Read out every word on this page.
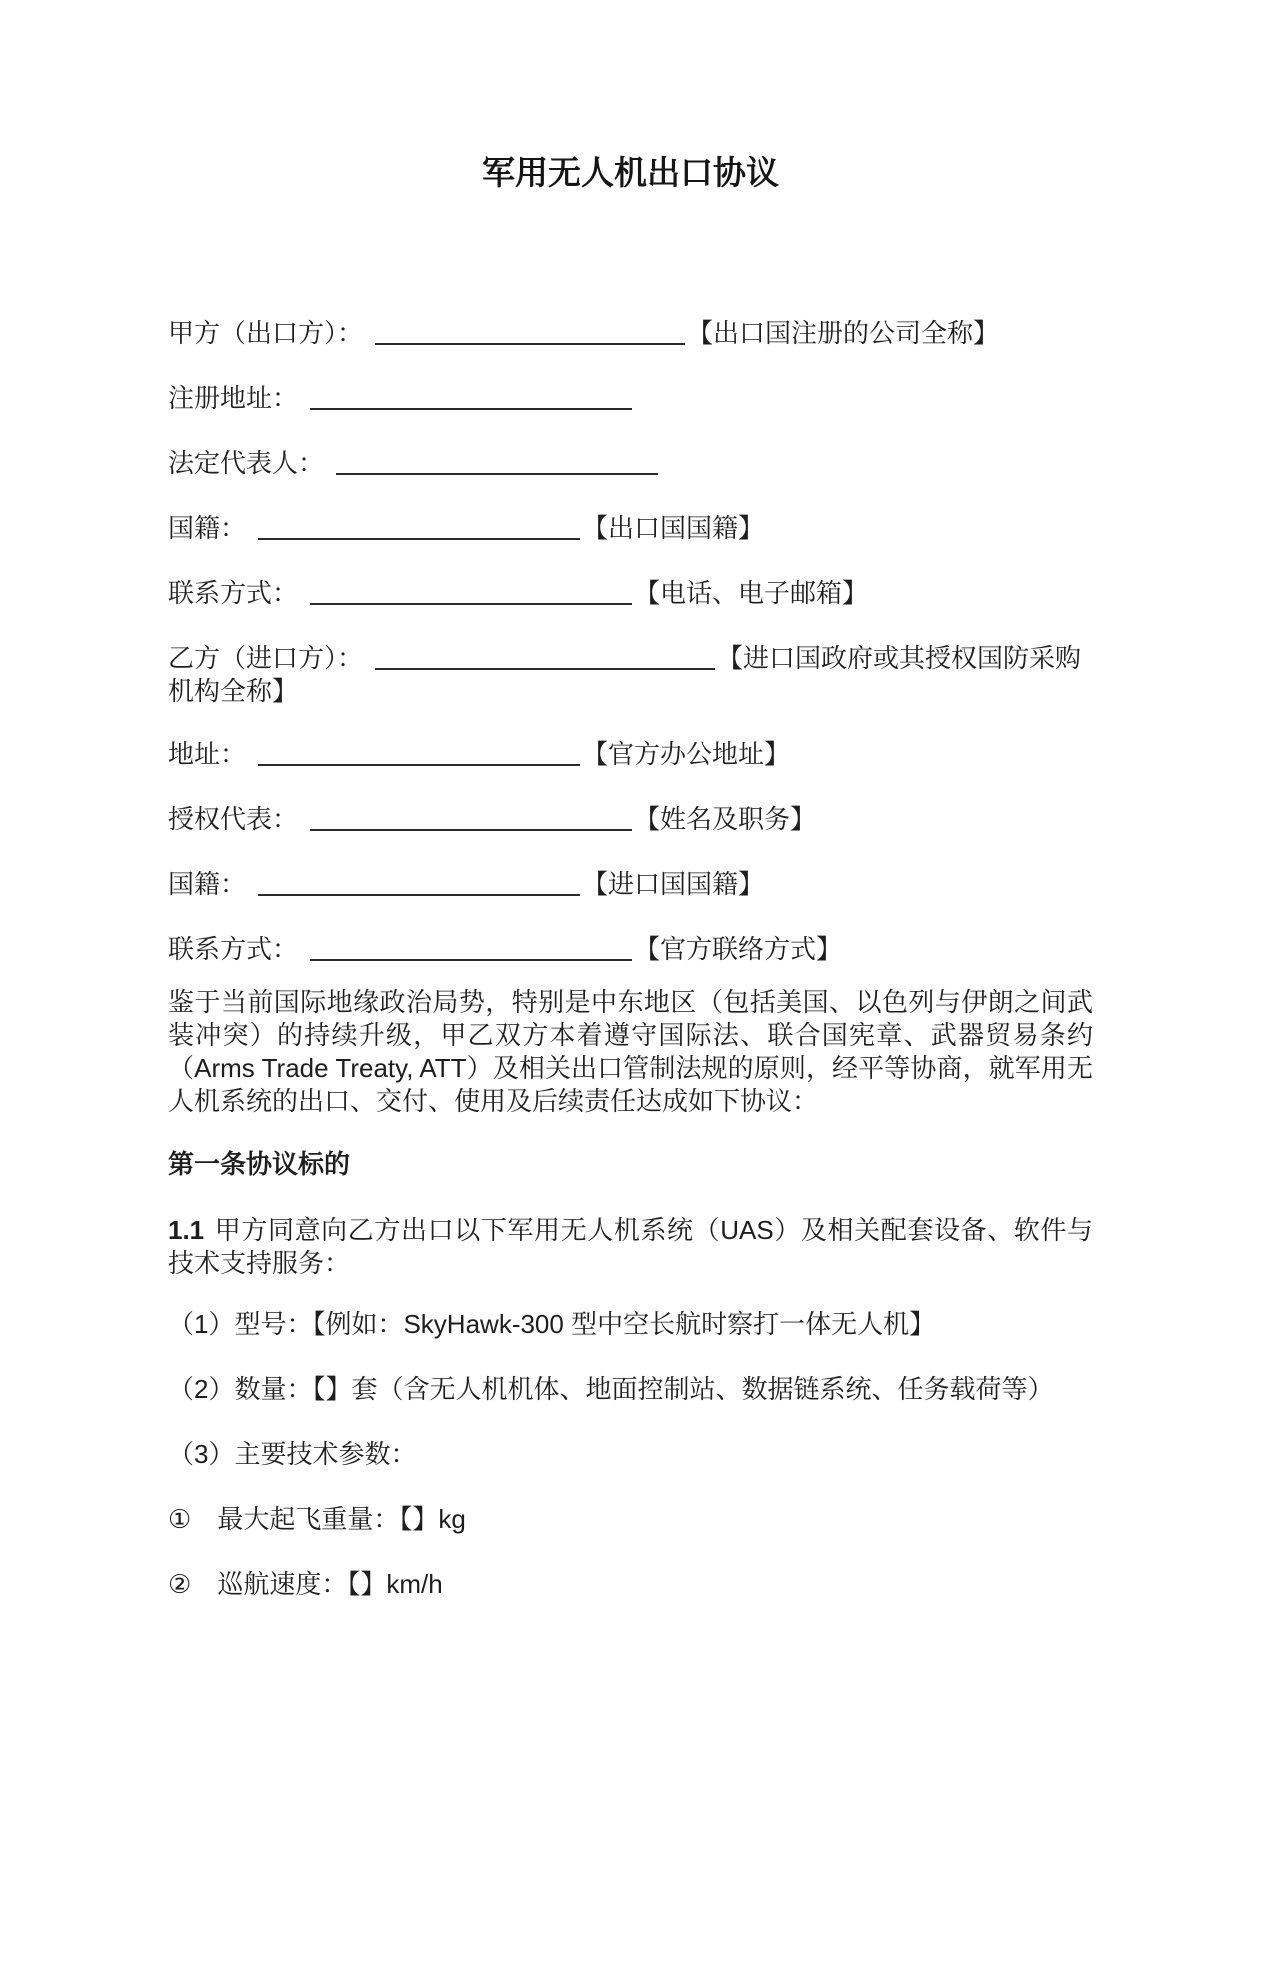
军用无人机出口协议
甲方（出口方）：	【出口国注册的公司全称】
注册地址：
法定代表人：
国籍：	【出口国国籍】
联系方式：	【电话、电子邮箱】
乙方（进口方）：	【进口国政府或其授权国防采购
机构全称】
地址：	【官方办公地址】
授权代表：	【姓名及职务】
国籍：	【进口国国籍】
联系方式：	【官方联络方式】

鉴于当前国际地缘政治局势，特别是中东地区（包括美国、以色列与伊朗之间武装冲突）的持续升级，甲乙双方本着遵守国际法、联合国宪章、武器贸易条约（Arms Trade Treaty, ATT）及相关出口管制法规的原则，经平等协商，就军用无人机系统的出口、交付、使用及后续责任达成如下协议：

第一条协议标的

1.1 甲方同意向乙方出口以下军用无人机系统（UAS）及相关配套设备、软件与技术支持服务：

（1）型号：【例如：SkyHawk-300 型中空长航时察打一体无人机】
（2）数量：【】套（含无人机机体、地面控制站、数据链系统、任务载荷等）
（3）主要技术参数：
① 最大起飞重量：【】kg
② 巡航速度：【】km/h
